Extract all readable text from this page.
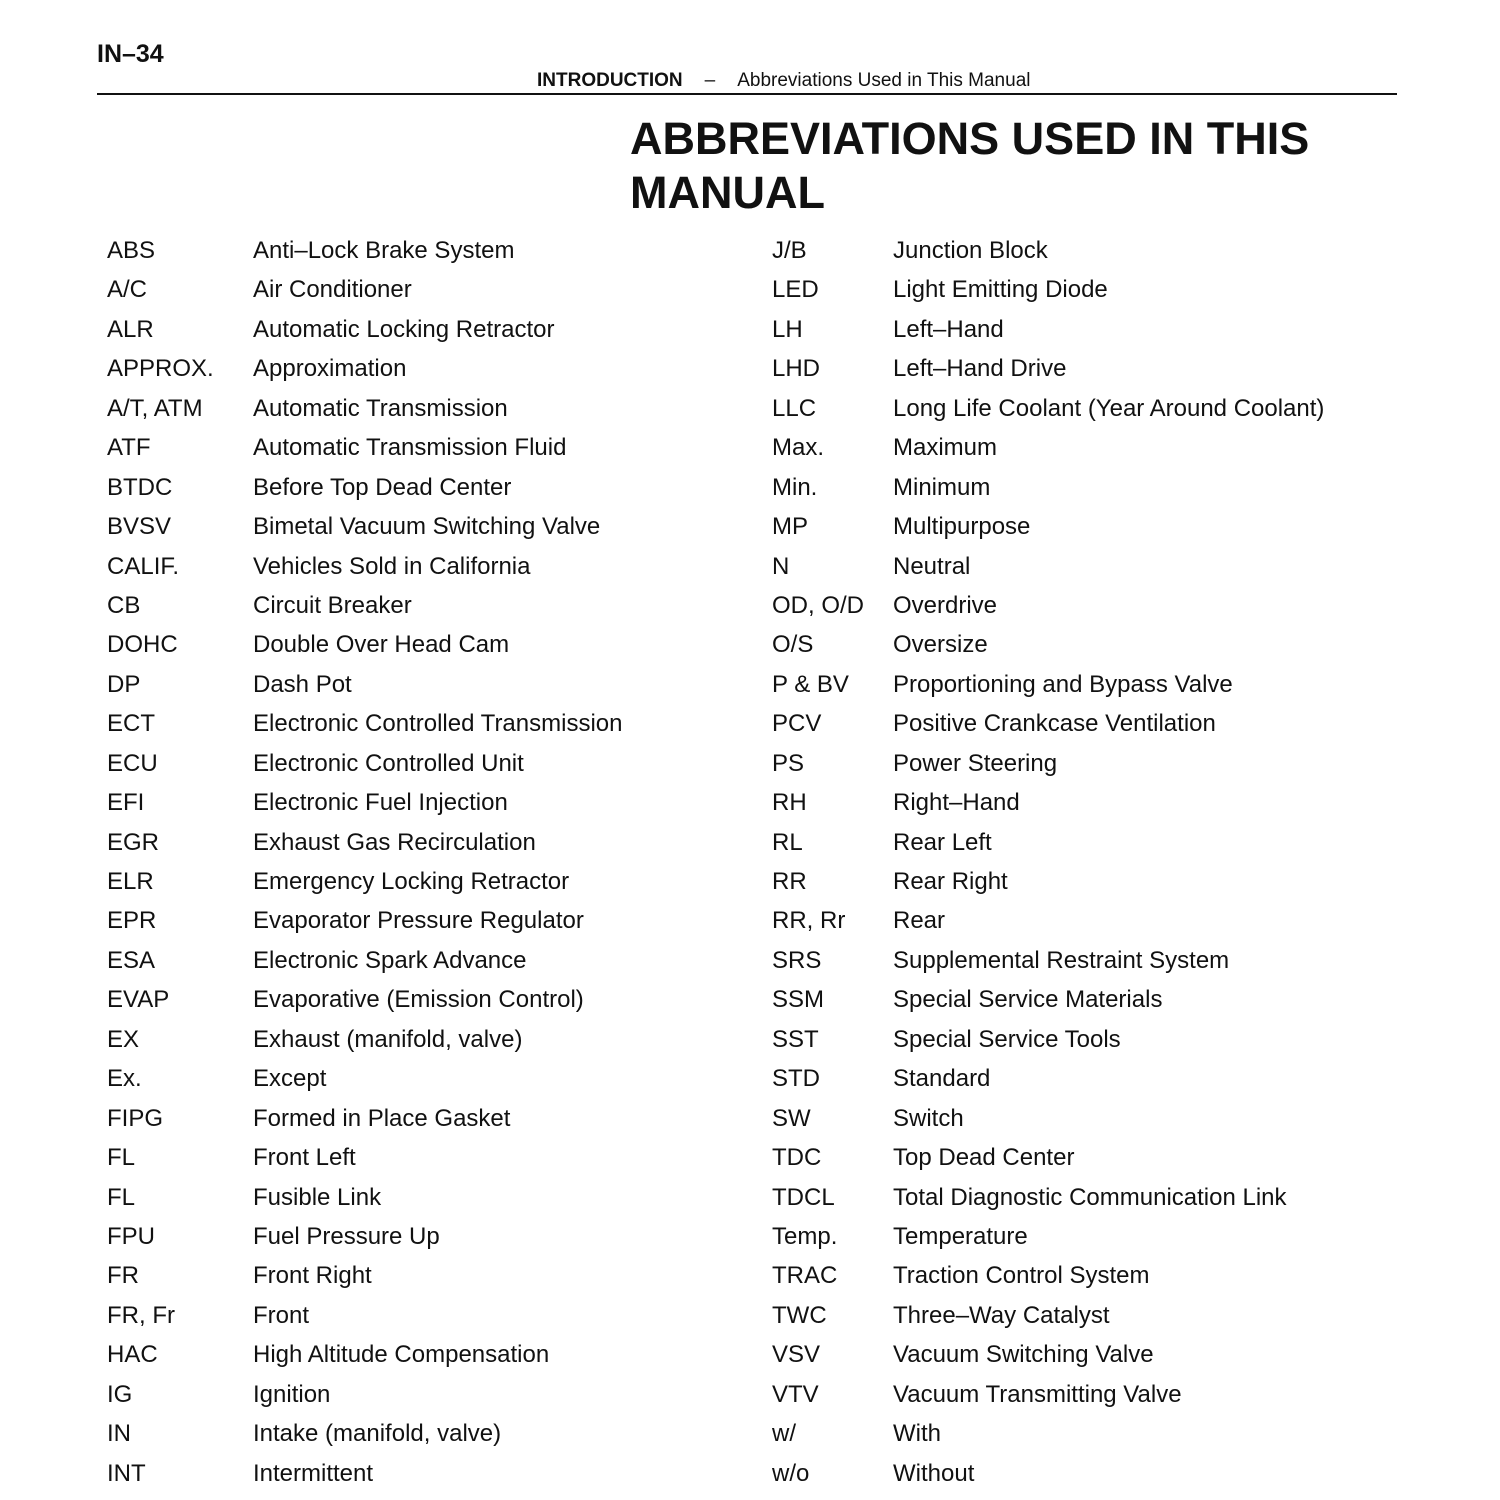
IN–34
INTRODUCTION – Abbreviations Used in This Manual
ABBREVIATIONS USED IN THIS MANUAL
ABS	Anti–Lock Brake System
A/C	Air Conditioner
ALR	Automatic Locking Retractor
APPROX.	Approximation
A/T, ATM	Automatic Transmission
ATF	Automatic Transmission Fluid
BTDC	Before Top Dead Center
BVSV	Bimetal Vacuum Switching Valve
CALIF.	Vehicles Sold in California
CB	Circuit Breaker
DOHC	Double Over Head Cam
DP	Dash Pot
ECT	Electronic Controlled Transmission
ECU	Electronic Controlled Unit
EFI	Electronic Fuel Injection
EGR	Exhaust Gas Recirculation
ELR	Emergency Locking Retractor
EPR	Evaporator Pressure Regulator
ESA	Electronic Spark Advance
EVAP	Evaporative (Emission Control)
EX	Exhaust (manifold, valve)
Ex.	Except
FIPG	Formed in Place Gasket
FL	Front Left
FL	Fusible Link
FPU	Fuel Pressure Up
FR	Front Right
FR, Fr	Front
HAC	High Altitude Compensation
IG	Ignition
IN	Intake (manifold, valve)
INT	Intermittent
J/B	Junction Block
LED	Light Emitting Diode
LH	Left–Hand
LHD	Left–Hand Drive
LLC	Long Life Coolant (Year Around Coolant)
Max.	Maximum
Min.	Minimum
MP	Multipurpose
N	Neutral
OD, O/D	Overdrive
O/S	Oversize
P & BV	Proportioning and Bypass Valve
PCV	Positive Crankcase Ventilation
PS	Power Steering
RH	Right–Hand
RL	Rear Left
RR	Rear Right
RR, Rr	Rear
SRS	Supplemental Restraint System
SSM	Special Service Materials
SST	Special Service Tools
STD	Standard
SW	Switch
TDC	Top Dead Center
TDCL	Total Diagnostic Communication Link
Temp.	Temperature
TRAC	Traction Control System
TWC	Three–Way Catalyst
VSV	Vacuum Switching Valve
VTV	Vacuum Transmitting Valve
w/	With
w/o	Without
